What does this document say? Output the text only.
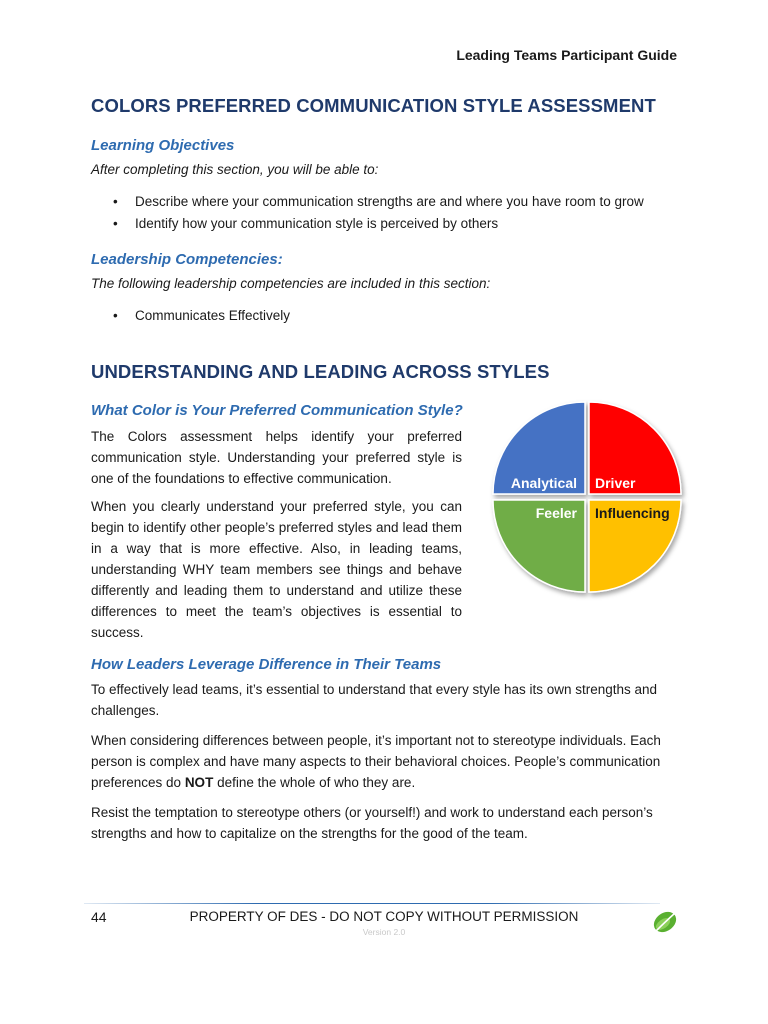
Leading Teams Participant Guide
COLORS PREFERRED COMMUNICATION STYLE ASSESSMENT
Learning Objectives
After completing this section, you will be able to:
• Describe where your communication strengths are and where you have room to grow
• Identify how your communication style is perceived by others
Leadership Competencies:
The following leadership competencies are included in this section:
• Communicates Effectively
UNDERSTANDING AND LEADING ACROSS STYLES
What Color is Your Preferred Communication Style?

The Colors assessment helps identify your preferred communication style. Understanding your preferred style is one of the foundations to effective communication.

When you clearly understand your preferred style, you can begin to identify other people’s preferred styles and lead them in a way that is more effective. Also, in leading teams, understanding WHY team members see things and behave differently and leading them to understand and utilize these differences to meet the team’s objectives is essential to success.

Analytical Driver
Feeler Influencing
How Leaders Leverage Difference in Their Teams

To effectively lead teams, it’s essential to understand that every style has its own strengths and challenges.

When considering differences between people, it’s important not to stereotype individuals. Each person is complex and have many aspects to their behavioral choices. People’s communication preferences do NOT define the whole of who they are.

Resist the temptation to stereotype others (or yourself!) and work to understand each person’s strengths and how to capitalize on the strengths for the good of the team.

44	PROPERTY OF DES - DO NOT COPY WITHOUT PERMISSION
Version 2.0
